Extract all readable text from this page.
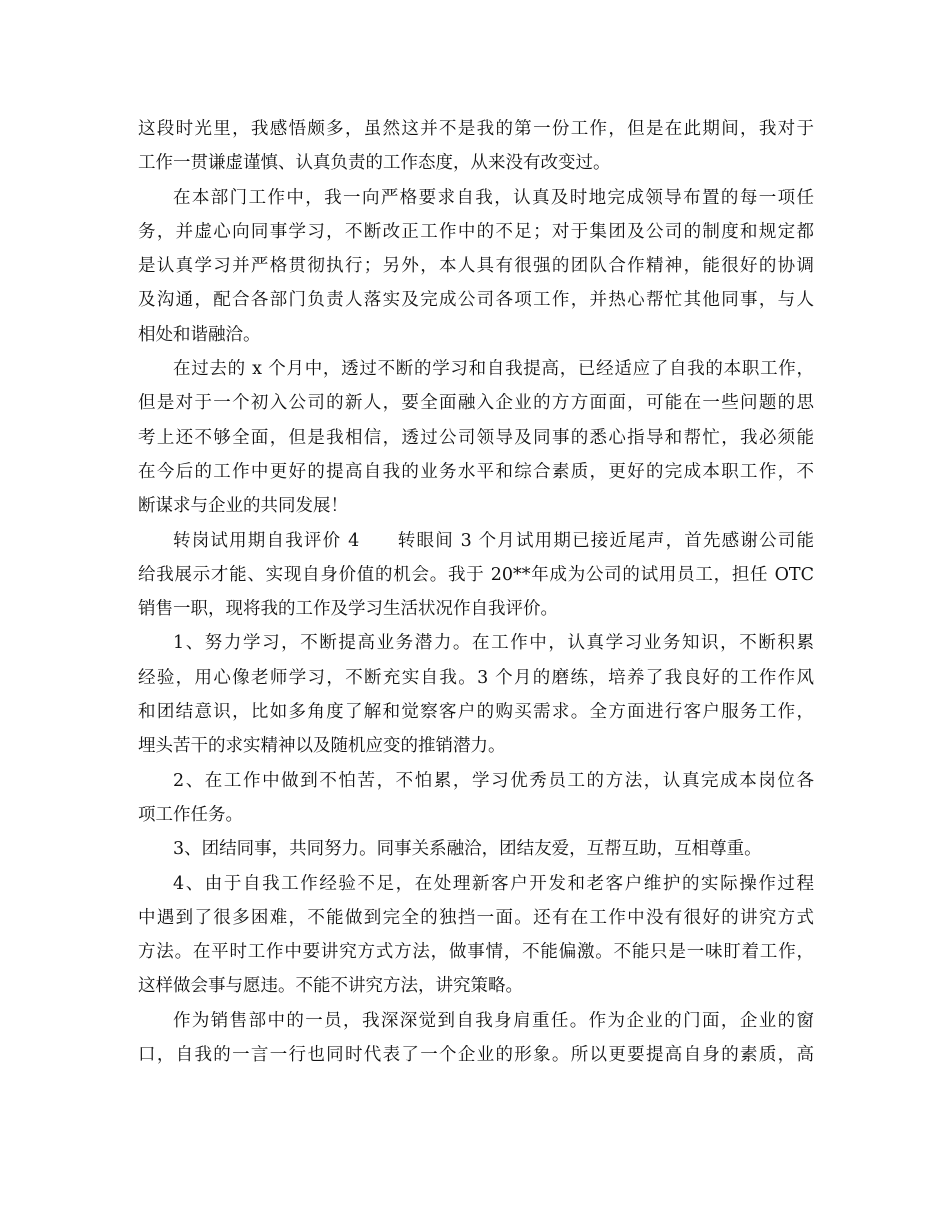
这段时光里，我感悟颇多，虽然这并不是我的第一份工作，但是在此期间，我对于
工作一贯谦虚谨慎、认真负责的工作态度，从来没有改变过。
在本部门工作中，我一向严格要求自我，认真及时地完成领导布置的每一项任
务，并虚心向同事学习，不断改正工作中的不足；对于集团及公司的制度和规定都
是认真学习并严格贯彻执行；另外，本人具有很强的团队合作精神，能很好的协调
及沟通，配合各部门负责人落实及完成公司各项工作，并热心帮忙其他同事，与人
相处和谐融洽。
在过去的 x 个月中，透过不断的学习和自我提高，已经适应了自我的本职工作，
但是对于一个初入公司的新人，要全面融入企业的方方面面，可能在一些问题的思
考上还不够全面，但是我相信，透过公司领导及同事的悉心指导和帮忙，我必须能
在今后的工作中更好的提高自我的业务水平和综合素质，更好的完成本职工作，不
断谋求与企业的共同发展！
转岗试用期自我评价 4　　转眼间 3 个月试用期已接近尾声，首先感谢公司能
给我展示才能、实现自身价值的机会。我于 20**年成为公司的试用员工，担任 OTC
销售一职，现将我的工作及学习生活状况作自我评价。
1、努力学习，不断提高业务潜力。在工作中，认真学习业务知识，不断积累
经验，用心像老师学习，不断充实自我。3 个月的磨练，培养了我良好的工作作风
和团结意识，比如多角度了解和觉察客户的购买需求。全方面进行客户服务工作，
埋头苦干的求实精神以及随机应变的推销潜力。
2、在工作中做到不怕苦，不怕累，学习优秀员工的方法，认真完成本岗位各
项工作任务。
3、团结同事，共同努力。同事关系融洽，团结友爱，互帮互助，互相尊重。
4、由于自我工作经验不足，在处理新客户开发和老客户维护的实际操作过程
中遇到了很多困难，不能做到完全的独挡一面。还有在工作中没有很好的讲究方式
方法。在平时工作中要讲究方式方法，做事情，不能偏激。不能只是一味盯着工作，
这样做会事与愿违。不能不讲究方法，讲究策略。
作为销售部中的一员，我深深觉到自我身肩重任。作为企业的门面，企业的窗
口，自我的一言一行也同时代表了一个企业的形象。所以更要提高自身的素质，高
